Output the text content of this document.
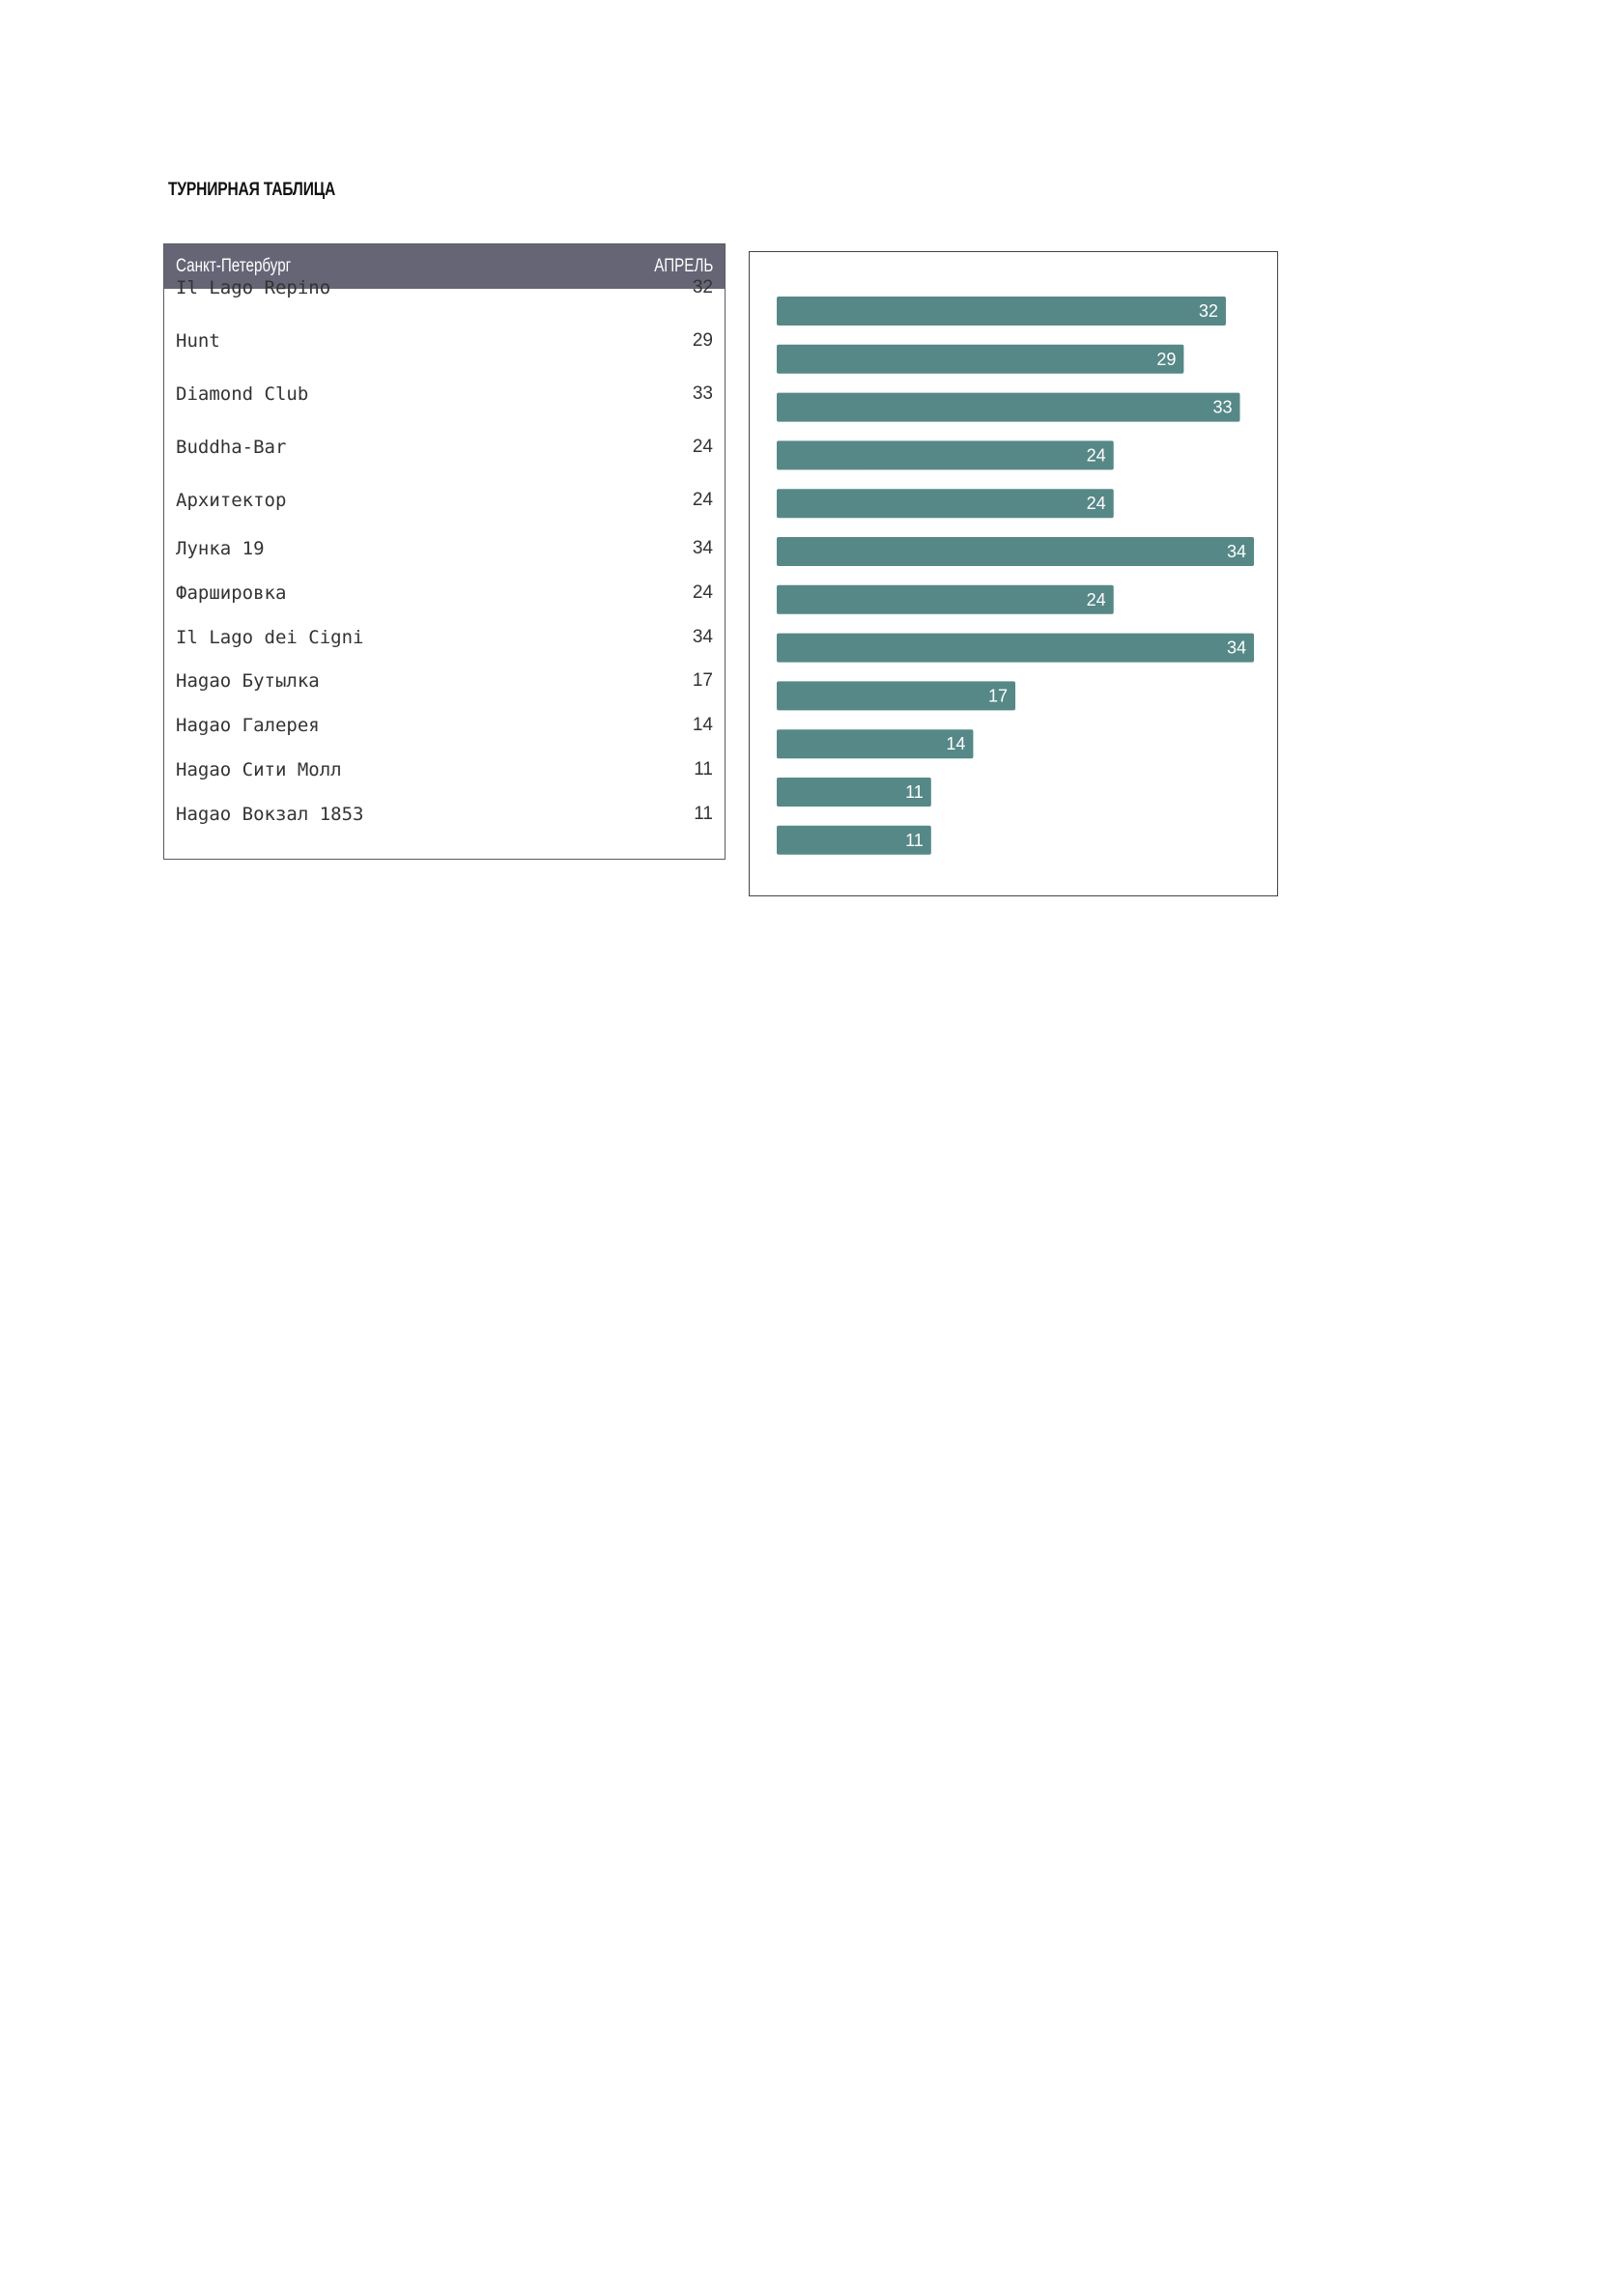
ТУРНИРНАЯ ТАБЛИЦА
Санкт-Петербург	АПРЕЛЬ
Il Lago Repino	32
Hunt	29
Diamond Club	33
Buddha-Bar	24
Архитектор	24
Лунка 19	34
Фаршировка	24
Il Lago dei Cigni	34
Нagao Бутылка	17
Нagao Галерея	14
Нagao Сити Молл	11
Нagao Вокзал 1853	11
32
29
33
24
24
34
24
34
17
14
11
11
